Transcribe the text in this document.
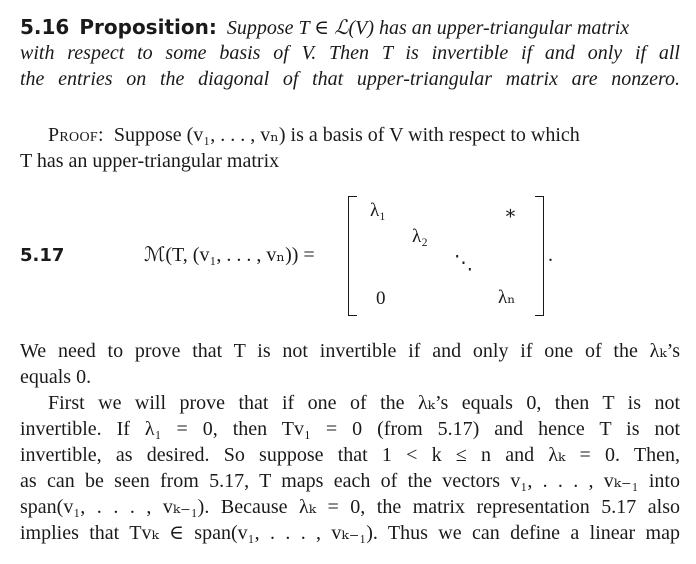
5.16 Proposition: Suppose T ∈ ℒ(V) has an upper-triangular matrix
with respect to some basis of V. Then T is invertible if and only if all
the entries on the diagonal of that upper-triangular matrix are nonzero.
Proof: Suppose (v₁, . . . , vₙ) is a basis of V with respect to which
T has an upper-triangular matrix
5.17	ℳ(T, (v₁, . . . , vₙ)) =
λ₁	∗
λ₂
⋱
0	λₙ
.
We need to prove that T is not invertible if and only if one of the λₖ’s
equals 0.
First we will prove that if one of the λₖ’s equals 0, then T is not
invertible. If λ₁ = 0, then Tv₁ = 0 (from 5.17) and hence T is not
invertible, as desired. So suppose that 1 < k ≤ n and λₖ = 0. Then,
as can be seen from 5.17, T maps each of the vectors v₁, . . . , vₖ₋₁ into
span(v₁, . . . , vₖ₋₁). Because λₖ = 0, the matrix representation 5.17 also
implies that Tvₖ ∈ span(v₁, . . . , vₖ₋₁). Thus we can define a linear map
